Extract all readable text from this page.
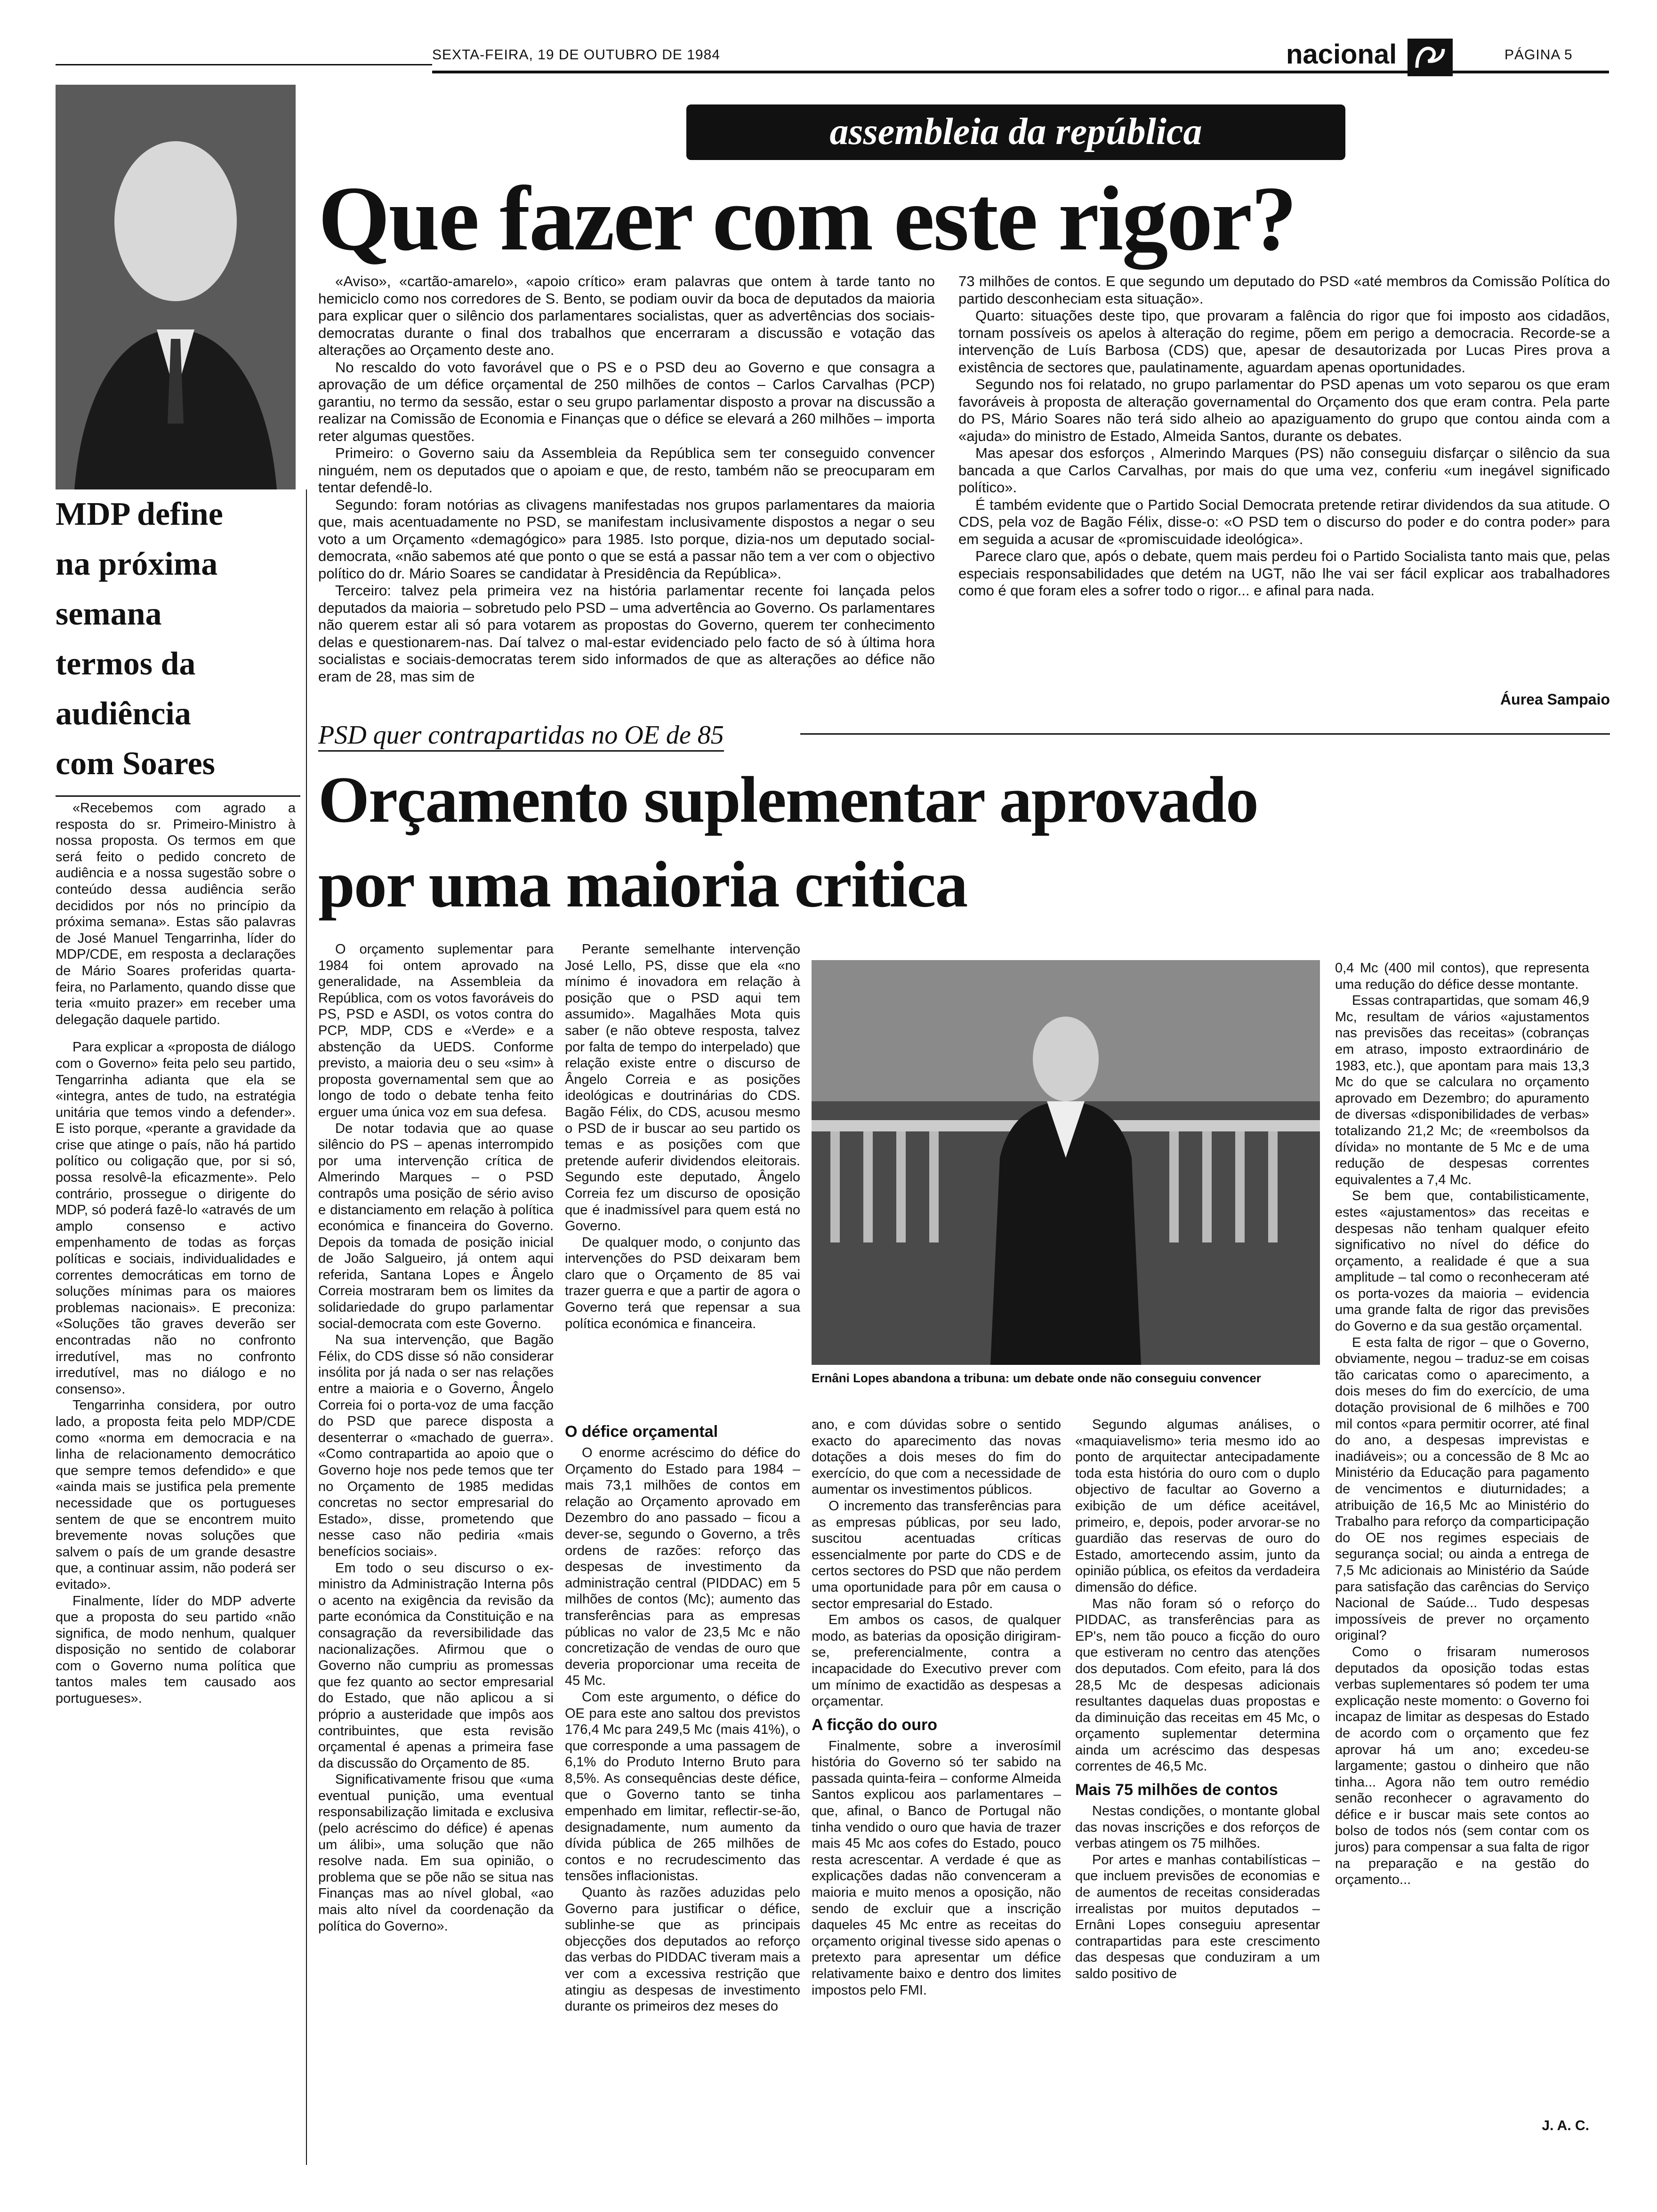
SEXTA-FEIRA, 19 DE OUTUBRO DE 1984	nacional	PÁGINA 5
assembleia da república
Que fazer com este rigor?

«Aviso», «cartão-amarelo», «apoio crítico» eram palavras que ontem à tarde tanto no hemiciclo como nos corredores de S. Bento, se podiam ouvir da boca de deputados da maioria para explicar quer o silêncio dos parlamentares socialistas, quer as advertências dos sociais-democratas durante o final dos trabalhos que encerraram a discussão e votação das alterações ao Orçamento deste ano.

No rescaldo do voto favorável que o PS e o PSD deu ao Governo e que consagra a aprovação de um défice orçamental de 250 milhões de contos – Carlos Carvalhas (PCP) garantiu, no termo da sessão, estar o seu grupo parlamentar disposto a provar na discussão a realizar na Comissão de Economia e Finanças que o défice se elevará a 260 milhões – importa reter algumas questões.

Primeiro: o Governo saiu da Assembleia da República sem ter conseguido convencer ninguém, nem os deputados que o apoiam e que, de resto, também não se preocuparam em tentar defendê-lo.

Segundo: foram notórias as clivagens manifestadas nos grupos parlamentares da maioria que, mais acentuadamente no PSD, se manifestam inclusivamente dispostos a negar o seu voto a um Orçamento «demagógico» para 1985. Isto porque, dizia-nos um deputado social-democrata, «não sabemos até que ponto o que se está a passar não tem a ver com o objectivo político do dr. Mário Soares se candidatar à Presidência da República».

Terceiro: talvez pela primeira vez na história parlamentar recente foi lançada pelos deputados da maioria – sobretudo pelo PSD – uma advertência ao Governo. Os parlamentares não querem estar ali só para votarem as propostas do Governo, querem ter conhecimento delas e questionarem-nas. Daí talvez o mal-estar evidenciado pelo facto de só à última hora socialistas e sociais-democratas terem sido informados de que as alterações ao défice não eram de 28, mas sim de

73 milhões de contos. E que segundo um deputado do PSD «até membros da Comissão Política do partido desconheciam esta situação».

Quarto: situações deste tipo, que provaram a falência do rigor que foi imposto aos cidadãos, tornam possíveis os apelos à alteração do regime, põem em perigo a democracia. Recorde-se a intervenção de Luís Barbosa (CDS) que, apesar de desautorizada por Lucas Pires prova a existência de sectores que, paulatinamente, aguardam apenas oportunidades.

Segundo nos foi relatado, no grupo parlamentar do PSD apenas um voto separou os que eram favoráveis à proposta de alteração governamental do Orçamento dos que eram contra. Pela parte do PS, Mário Soares não terá sido alheio ao apaziguamento do grupo que contou ainda com a «ajuda» do ministro de Estado, Almeida Santos, durante os debates.

Mas apesar dos esforços , Almerindo Marques (PS) não conseguiu disfarçar o silêncio da sua bancada a que Carlos Carvalhas, por mais do que uma vez, conferiu «um inegável significado político».

É também evidente que o Partido Social Democrata pretende retirar dividendos da sua atitude. O CDS, pela voz de Bagão Félix, disse-o: «O PSD tem o discurso do poder e do contra poder» para em seguida a acusar de «promiscuidade ideológica».

Parece claro que, após o debate, quem mais perdeu foi o Partido Socialista tanto mais que, pelas especiais responsabilidades que detém na UGT, não lhe vai ser fácil explicar aos trabalhadores como é que foram eles a sofrer todo o rigor... e afinal para nada.

Áurea Sampaio
MDP define na próxima semana termos da audiência com Soares

«Recebemos com agrado a resposta do sr. Primeiro-Ministro à nossa proposta. Os termos em que será feito o pedido concreto de audiência e a nossa sugestão sobre o conteúdo dessa audiência serão decididos por nós no princípio da próxima semana». Estas são palavras de José Manuel Tengarrinha, líder do MDP/CDE, em resposta a declarações de Mário Soares proferidas quarta-feira, no Parlamento, quando disse que teria «muito prazer» em receber uma delegação daquele partido.

Para explicar a «proposta de diálogo com o Governo» feita pelo seu partido, Tengarrinha adianta que ela se «integra, antes de tudo, na estratégia unitária que temos vindo a defender». E isto porque, «perante a gravidade da crise que atinge o país, não há partido político ou coligação que, por si só, possa resolvê-la eficazmente». Pelo contrário, prossegue o dirigente do MDP, só poderá fazê-lo «através de um amplo consenso e activo empenhamento de todas as forças políticas e sociais, individualidades e correntes democráticas em torno de soluções mínimas para os maiores problemas nacionais». E preconiza: «Soluções tão graves deverão ser encontradas não no confronto irredutível, mas no confronto irredutível, mas no diálogo e no consenso».

Tengarrinha considera, por outro lado, a proposta feita pelo MDP/CDE como «norma em democracia e na linha de relacionamento democrático que sempre temos defendido» e que «ainda mais se justifica pela premente necessidade que os portugueses sentem de que se encontrem muito brevemente novas soluções que salvem o país de um grande desastre que, a continuar assim, não poderá ser evitado».

Finalmente, líder do MDP adverte que a proposta do seu partido «não significa, de modo nenhum, qualquer disposição no sentido de colaborar com o Governo numa política que tantos males tem causado aos portugueses».

PSD quer contrapartidas no OE de 85
Orçamento suplementar aprovado
por uma maioria critica

O orçamento suplementar para 1984 foi ontem aprovado na generalidade, na Assembleia da República, com os votos favoráveis do PS, PSD e ASDI, os votos contra do PCP, MDP, CDS e «Verde» e a abstenção da UEDS. Conforme previsto, a maioria deu o seu «sim» à proposta governamental sem que ao longo de todo o debate tenha feito erguer uma única voz em sua defesa.

De notar todavia que ao quase silêncio do PS – apenas interrompido por uma intervenção crítica de Almerindo Marques – o PSD contrapôs uma posição de sério aviso e distanciamento em relação à política económica e financeira do Governo. Depois da tomada de posição inicial de João Salgueiro, já ontem aqui referida, Santana Lopes e Ângelo Correia mostraram bem os limites da solidariedade do grupo parlamentar social-democrata com este Governo.

Na sua intervenção, que Bagão Félix, do CDS disse só não considerar insólita por já nada o ser nas relações entre a maioria e o Governo, Ângelo Correia foi o porta-voz de uma facção do PSD que parece disposta a desenterrar o «machado de guerra». «Como contrapartida ao apoio que o Governo hoje nos pede temos que ter no Orçamento de 1985 medidas concretas no sector empresarial do Estado», disse, prometendo que nesse caso não pediria «mais benefícios sociais».

Em todo o seu discurso o ex-ministro da Administração Interna pôs o acento na exigência da revisão da parte económica da Constituição e na consagração da reversibilidade das nacionalizações. Afirmou que o Governo não cumpriu as promessas que fez quanto ao sector empresarial do Estado, que não aplicou a si próprio a austeridade que impôs aos contribuintes, que esta revisão orçamental é apenas a primeira fase da discussão do Orçamento de 85.

Significativamente frisou que «uma eventual punição, uma eventual responsabilização limitada e exclusiva (pelo acréscimo do défice) é apenas um álibi», uma solução que não resolve nada. Em sua opinião, o problema que se põe não se situa nas Finanças mas ao nível global, «ao mais alto nível da coordenação da política do Governo».

Perante semelhante intervenção José Lello, PS, disse que ela «no mínimo é inovadora em relação à posição que o PSD aqui tem assumido». Magalhães Mota quis saber (e não obteve resposta, talvez por falta de tempo do interpelado) que relação existe entre o discurso de Ângelo Correia e as posições ideológicas e doutrinárias do CDS. Bagão Félix, do CDS, acusou mesmo o PSD de ir buscar ao seu partido os temas e as posições com que pretende auferir dividendos eleitorais. Segundo este deputado, Ângelo Correia fez um discurso de oposição que é inadmissível para quem está no Governo.

De qualquer modo, o conjunto das intervenções do PSD deixaram bem claro que o Orçamento de 85 vai trazer guerra e que a partir de agora o Governo terá que repensar a sua política económica e financeira.

Ernâni Lopes abandona a tribuna: um debate onde não conseguiu convencer
O défice orçamental

O enorme acréscimo do défice do Orçamento do Estado para 1984 – mais 73,1 milhões de contos em relação ao Orçamento aprovado em Dezembro do ano passado – ficou a dever-se, segundo o Governo, a três ordens de razões: reforço das despesas de investimento da administração central (PIDDAC) em 5 milhões de contos (Mc); aumento das transferências para as empresas públicas no valor de 23,5 Mc e não concretização de vendas de ouro que deveria proporcionar uma receita de 45 Mc.

Com este argumento, o défice do OE para este ano saltou dos previstos 176,4 Mc para 249,5 Mc (mais 41%), o que corresponde a uma passagem de 6,1% do Produto Interno Bruto para 8,5%. As consequências deste défice, que o Governo tanto se tinha empenhado em limitar, reflectir-se-ão, designadamente, num aumento da dívida pública de 265 milhões de contos e no recrudescimento das tensões inflacionistas.

Quanto às razões aduzidas pelo Governo para justificar o défice, sublinhe-se que as principais objecções dos deputados ao reforço das verbas do PIDDAC tiveram mais a ver com a excessiva restrição que atingiu as despesas de investimento durante os primeiros dez meses do

ano, e com dúvidas sobre o sentido exacto do aparecimento das novas dotações a dois meses do fim do exercício, do que com a necessidade de aumentar os investimentos públicos.

O incremento das transferências para as empresas públicas, por seu lado, suscitou acentuadas críticas essencialmente por parte do CDS e de certos sectores do PSD que não perdem uma oportunidade para pôr em causa o sector empresarial do Estado.

Em ambos os casos, de qualquer modo, as baterias da oposição dirigiram-se, preferencialmente, contra a incapacidade do Executivo prever com um mínimo de exactidão as despesas a orçamentar.

A ficção do ouro

Finalmente, sobre a inverosímil história do Governo só ter sabido na passada quinta-feira – conforme Almeida Santos explicou aos parlamentares – que, afinal, o Banco de Portugal não tinha vendido o ouro que havia de trazer mais 45 Mc aos cofes do Estado, pouco resta acrescentar. A verdade é que as explicações dadas não convenceram a maioria e muito menos a oposição, não sendo de excluir que a inscrição daqueles 45 Mc entre as receitas do orçamento original tivesse sido apenas o pretexto para apresentar um défice relativamente baixo e dentro dos limites impostos pelo FMI.

Segundo algumas análises, o «maquiavelismo» teria mesmo ido ao ponto de arquitectar antecipadamente toda esta história do ouro com o duplo objectivo de facultar ao Governo a exibição de um défice aceitável, primeiro, e, depois, poder arvorar-se no guardião das reservas de ouro do Estado, amortecendo assim, junto da opinião pública, os efeitos da verdadeira dimensão do défice.

Mas não foram só o reforço do PIDDAC, as transferências para as EP's, nem tão pouco a ficção do ouro que estiveram no centro das atenções dos deputados. Com efeito, para lá dos 28,5 Mc de despesas adicionais resultantes daquelas duas propostas e da diminuição das receitas em 45 Mc, o orçamento suplementar determina ainda um acréscimo das despesas correntes de 46,5 Mc.

Mais 75 milhões de contos

Nestas condições, o montante global das novas inscrições e dos reforços de verbas atingem os 75 milhões.

Por artes e manhas contabilísticas – que incluem previsões de economias e de aumentos de receitas consideradas irrealistas por muitos deputados – Ernâni Lopes conseguiu apresentar contrapartidas para este crescimento das despesas que conduziram a um saldo positivo de

0,4 Mc (400 mil contos), que representa uma redução do défice desse montante.

Essas contrapartidas, que somam 46,9 Mc, resultam de vários «ajustamentos nas previsões das receitas» (cobranças em atraso, imposto extraordinário de 1983, etc.), que apontam para mais 13,3 Mc do que se calculara no orçamento aprovado em Dezembro; do apuramento de diversas «disponibilidades de verbas» totalizando 21,2 Mc; de «reembolsos da dívida» no montante de 5 Mc e de uma redução de despesas correntes equivalentes a 7,4 Mc.

Se bem que, contabilisticamente, estes «ajustamentos» das receitas e despesas não tenham qualquer efeito significativo no nível do défice do orçamento, a realidade é que a sua amplitude – tal como o reconheceram até os porta-vozes da maioria – evidencia uma grande falta de rigor das previsões do Governo e da sua gestão orçamental.

E esta falta de rigor – que o Governo, obviamente, negou – traduz-se em coisas tão caricatas como o aparecimento, a dois meses do fim do exercício, de uma dotação provisional de 6 milhões e 700 mil contos «para permitir ocorrer, até final do ano, a despesas imprevistas e inadiáveis»; ou a concessão de 8 Mc ao Ministério da Educação para pagamento de vencimentos e diuturnidades; a atribuição de 16,5 Mc ao Ministério do Trabalho para reforço da comparticipação do OE nos regimes especiais de segurança social; ou ainda a entrega de 7,5 Mc adicionais ao Ministério da Saúde para satisfação das carências do Serviço Nacional de Saúde... Tudo despesas impossíveis de prever no orçamento original?

Como o frisaram numerosos deputados da oposição todas estas verbas suplementares só podem ter uma explicação neste momento: o Governo foi incapaz de limitar as despesas do Estado de acordo com o orçamento que fez aprovar há um ano; excedeu-se largamente; gastou o dinheiro que não tinha... Agora não tem outro remédio senão reconhecer o agravamento do défice e ir buscar mais sete contos ao bolso de todos nós (sem contar com os juros) para compensar a sua falta de rigor na preparação e na gestão do orçamento...

J. A. C.
